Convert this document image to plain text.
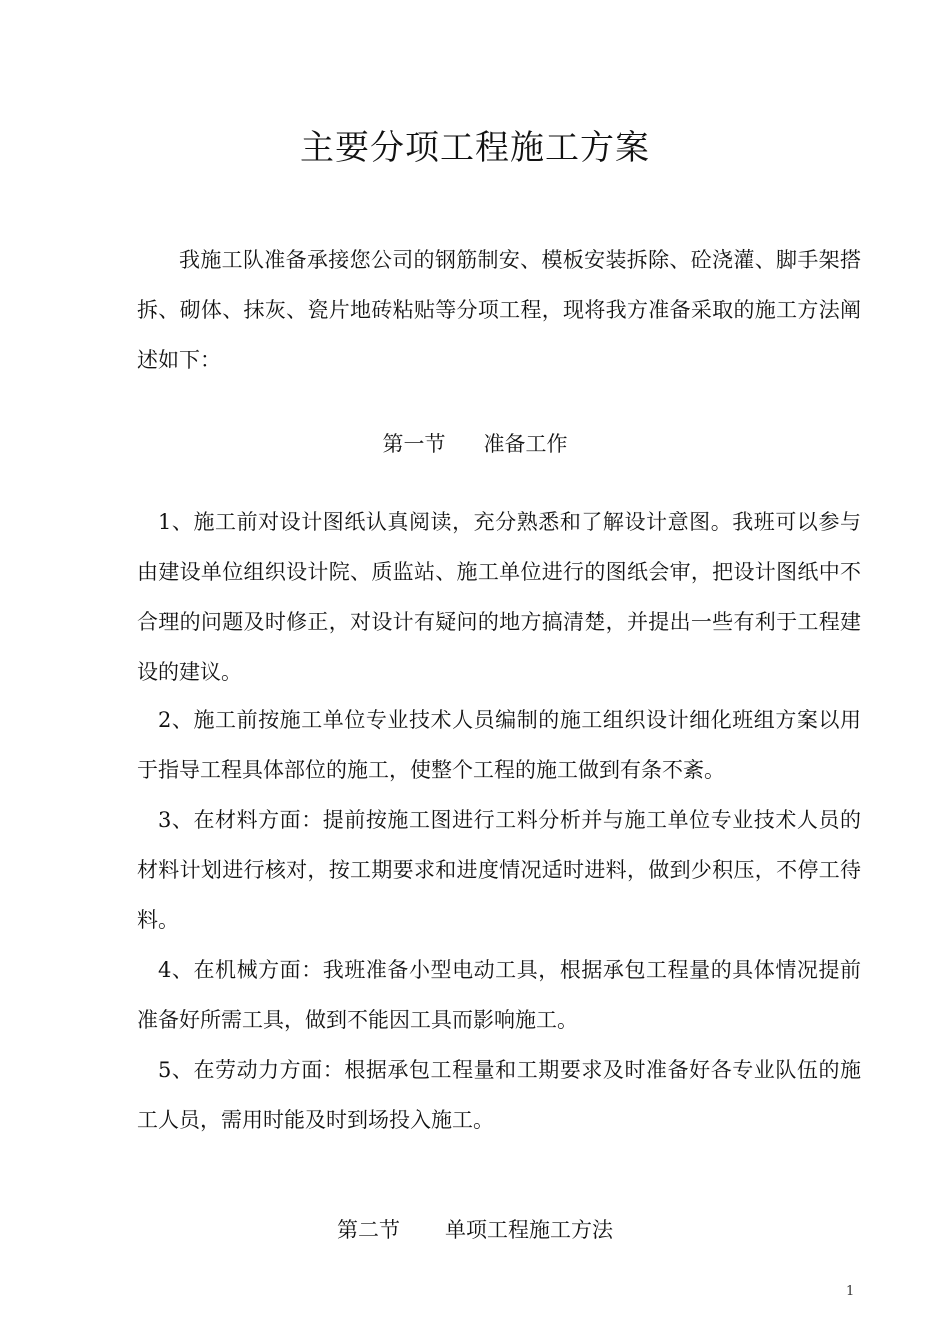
主要分项工程施工方案

我施工队准备承接您公司的钢筋制安、模板安装拆除、砼浇灌、脚手架搭拆、砌体、抹灰、瓷片地砖粘贴等分项工程，现将我方准备采取的施工方法阐述如下：

第一节 准备工作

1、施工前对设计图纸认真阅读，充分熟悉和了解设计意图。我班可以参与由建设单位组织设计院、质监站、施工单位进行的图纸会审，把设计图纸中不合理的问题及时修正，对设计有疑问的地方搞清楚，并提出一些有利于工程建设的建议。

2、施工前按施工单位专业技术人员编制的施工组织设计细化班组方案以用于指导工程具体部位的施工，使整个工程的施工做到有条不紊。

3、在材料方面：提前按施工图进行工料分析并与施工单位专业技术人员的材料计划进行核对，按工期要求和进度情况适时进料，做到少积压，不停工待料。

4、在机械方面：我班准备小型电动工具，根据承包工程量的具体情况提前准备好所需工具，做到不能因工具而影响施工。

5、在劳动力方面：根据承包工程量和工期要求及时准备好各专业队伍的施工人员，需用时能及时到场投入施工。

第二节 单项工程施工方法
1
